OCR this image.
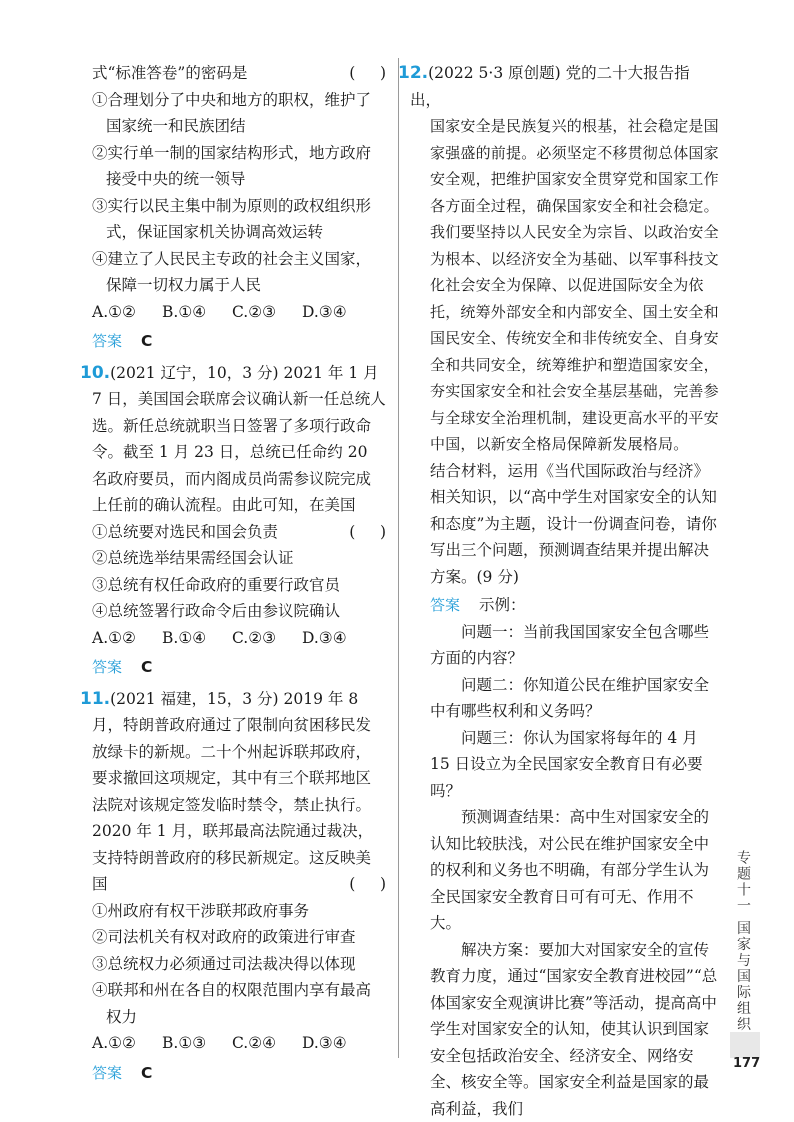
式“标准答卷”的密码是	(     )

①合理划分了中央和地方的职权，维护了国家统一和民族团结

②实行单一制的国家结构形式，地方政府接受中央的统一领导

③实行以民主集中制为原则的政权组织形式，保证国家机关协调高效运转

④建立了人民民主专政的社会主义国家，保障一切权力属于人民

A.①②	B.①④	C.②③	D.③④
答案 C

10.(2021 辽宁，10，3 分) 2021 年 1 月 7 日，美国国会联席会议确认新一任总统人选。新任总统就职当日签署了多项行政命令。截至 1 月 23 日，总统已任命约 20 名政府要员，而内阁成员尚需参议院完成上任前的确认流程。由此可知，在美国
(     )

①总统要对选民和国会负责

②总统选举结果需经国会认证

③总统有权任命政府的重要行政官员

④总统签署行政命令后由参议院确认

A.①②	B.①④	C.②③	D.③④
答案 C

11.(2021 福建，15，3 分) 2019 年 8 月，特朗普政府通过了限制向贫困移民发放绿卡的新规。二十个州起诉联邦政府，要求撤回这项规定，其中有三个联邦地区法院对该规定签发临时禁令，禁止执行。2020 年 1 月，联邦最高法院通过裁决，支持特朗普政府的移民新规定。这反映美国	(     )

①州政府有权干涉联邦政府事务

②司法机关有权对政府的政策进行审查

③总统权力必须通过司法裁决得以体现

④联邦和州在各自的权限范围内享有最高权力

A.①②	B.①③	C.②④	D.③④
答案 C

12.(2022 5·3 原创题) 党的二十大报告指出，

国家安全是民族复兴的根基，社会稳定是国家强盛的前提。必须坚定不移贯彻总体国家安全观，把维护国家安全贯穿党和国家工作各方面全过程，确保国家安全和社会稳定。我们要坚持以人民安全为宗旨、以政治安全为根本、以经济安全为基础、以军事科技文化社会安全为保障、以促进国际安全为依托，统筹外部安全和内部安全、国土安全和国民安全、传统安全和非传统安全、自身安全和共同安全，统筹维护和塑造国家安全，夯实国家安全和社会安全基层基础，完善参与全球安全治理机制，建设更高水平的平安中国，以新安全格局保障新发展格局。

结合材料，运用《当代国际政治与经济》相关知识，以“高中学生对国家安全的认知和态度”为主题，设计一份调查问卷，请你写出三个问题，预测调查结果并提出解决方案。(9 分)

答案 示例：

问题一：当前我国国家安全包含哪些方面的内容？

问题二：你知道公民在维护国家安全中有哪些权利和义务吗？

问题三：你认为国家将每年的 4 月 15 日设立为全民国家安全教育日有必要吗？

预测调查结果：高中生对国家安全的认知比较肤浅，对公民在维护国家安全中的权利和义务也不明确，有部分学生认为全民国家安全教育日可有可无、作用不大。

解决方案：要加大对国家安全的宣传教育力度，通过“国家安全教育进校园”“总体国家安全观演讲比赛”等活动，提高高中学生对国家安全的认知，使其认识到国家安全包括政治安全、经济安全、网络安全、核安全等。国家安全利益是国家的最高利益，我们

专题十一 国家与国际组织
177
